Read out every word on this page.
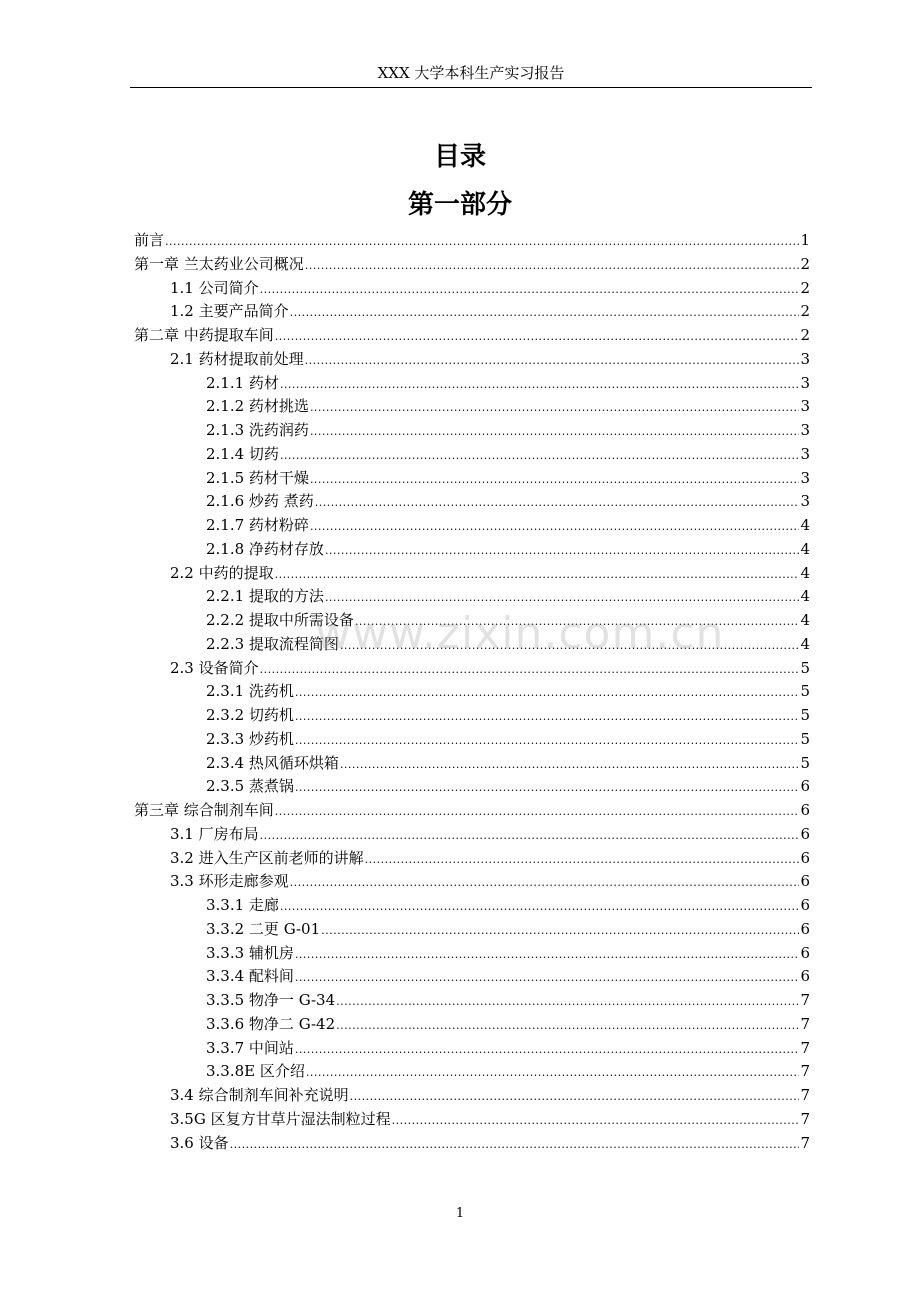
XXX 大学本科生产实习报告
目录
第一部分
前言 .....	1
第一章 兰太药业公司概况 .....	2
1.1 公司简介 .....	2
1.2 主要产品简介 .....	2
第二章 中药提取车间 .....	2
2.1 药材提取前处理 .....	3
2.1.1 药材 .....	3
2.1.2 药材挑选 .....	3
2.1.3 洗药润药 .....	3
2.1.4 切药 .....	3
2.1.5 药材干燥 .....	3
2.1.6 炒药 煮药 .....	3
2.1.7 药材粉碎 .....	4
2.1.8 净药材存放 .....	4
2.2 中药的提取 .....	4
2.2.1 提取的方法 .....	4
2.2.2 提取中所需设备 .....	4
2.2.3 提取流程简图 .....	4
2.3 设备简介 .....	5
2.3.1 洗药机 .....	5
2.3.2 切药机 .....	5
2.3.3 炒药机 .....	5
2.3.4 热风循环烘箱 .....	5
2.3.5 蒸煮锅 .....	6
第三章 综合制剂车间 .....	6
3.1 厂房布局 .....	6
3.2 进入生产区前老师的讲解 .....	6
3.3 环形走廊参观 .....	6
3.3.1 走廊 .....	6
3.3.2 二更 G-01 .....	6
3.3.3 辅机房 .....	6
3.3.4 配料间 .....	6
3.3.5 物净一 G-34 .....	7
3.3.6 物净二 G-42 .....	7
3.3.7 中间站 .....	7
3.3.8E 区介绍 .....	7
3.4 综合制剂车间补充说明 .....	7
3.5G 区复方甘草片湿法制粒过程 .....	7
3.6 设备 .....	7
www.zixin.com.cn
1
